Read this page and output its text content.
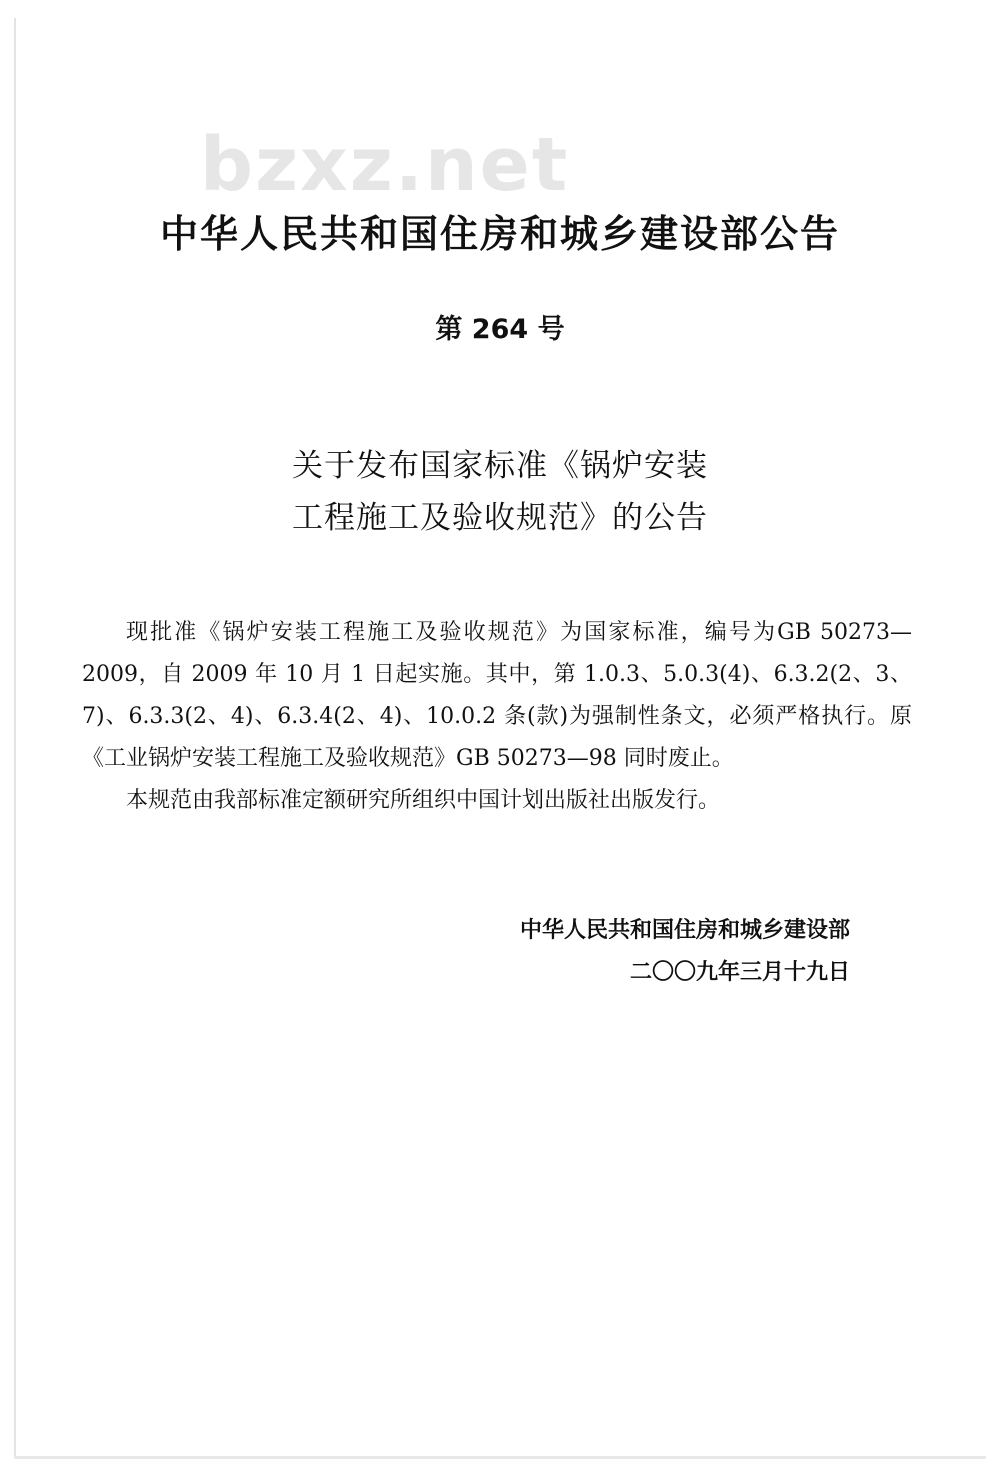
bzxz.net
中华人民共和国住房和城乡建设部公告
第 264 号
关于发布国家标准《锅炉安装
工程施工及验收规范》的公告

现批准《锅炉安装工程施工及验收规范》为国家标准，编号为GB 50273—2009，自 2009 年 10 月 1 日起实施。其中，第 1.0.3、5.0.3(4)、6.3.2(2、3、7)、6.3.3(2、4)、6.3.4(2、4)、10.0.2 条(款)为强制性条文，必须严格执行。原《工业锅炉安装工程施工及验收规范》GB 50273—98 同时废止。

本规范由我部标准定额研究所组织中国计划出版社出版发行。

中华人民共和国住房和城乡建设部
二〇〇九年三月十九日
